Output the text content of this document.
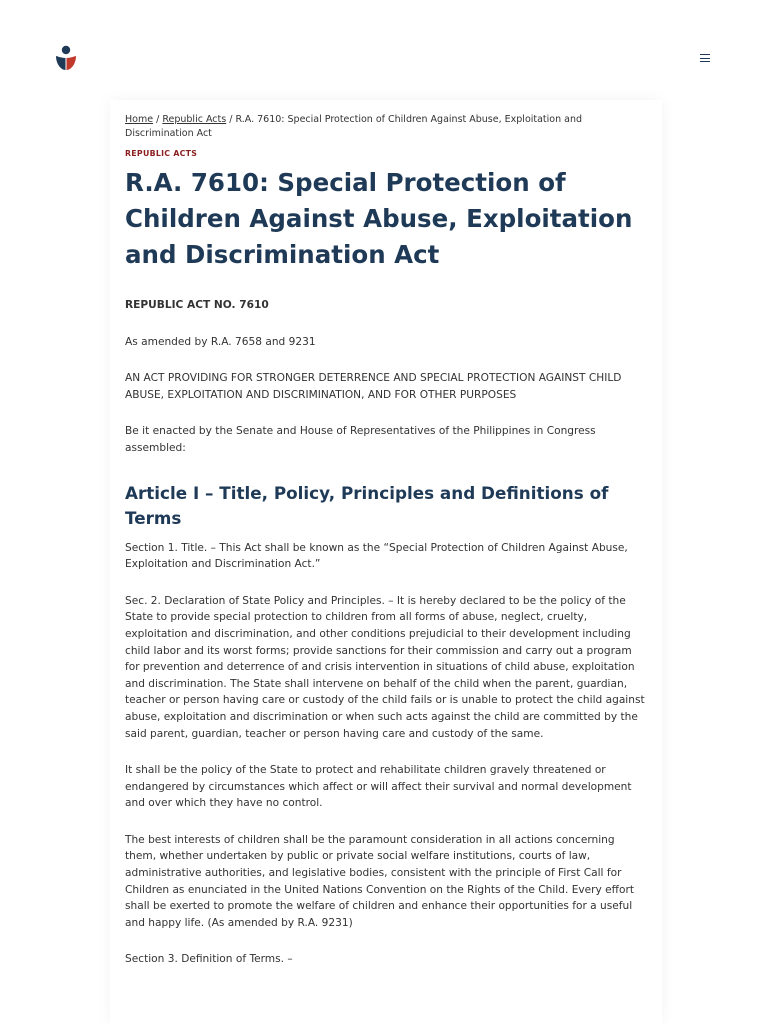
Home / Republic Acts / R.A. 7610: Special Protection of Children Against Abuse, Exploitation and Discrimination Act

REPUBLIC ACTS
R.A. 7610: Special Protection of Children Against Abuse, Exploitation and Discrimination Act

REPUBLIC ACT NO. 7610

As amended by R.A. 7658 and 9231

AN ACT PROVIDING FOR STRONGER DETERRENCE AND SPECIAL PROTECTION AGAINST CHILD ABUSE, EXPLOITATION AND DISCRIMINATION, AND FOR OTHER PURPOSES

Be it enacted by the Senate and House of Representatives of the Philippines in Congress assembled:

Article I – Title, Policy, Principles and Definitions of Terms

Section 1. Title. – This Act shall be known as the “Special Protection of Children Against Abuse, Exploitation and Discrimination Act.”

Sec. 2. Declaration of State Policy and Principles. – It is hereby declared to be the policy of the State to provide special protection to children from all forms of abuse, neglect, cruelty, exploitation and discrimination, and other conditions prejudicial to their development including child labor and its worst forms; provide sanctions for their commission and carry out a program for prevention and deterrence of and crisis intervention in situations of child abuse, exploitation and discrimination. The State shall intervene on behalf of the child when the parent, guardian, teacher or person having care or custody of the child fails or is unable to protect the child against abuse, exploitation and discrimination or when such acts against the child are committed by the said parent, guardian, teacher or person having care and custody of the same.

It shall be the policy of the State to protect and rehabilitate children gravely threatened or endangered by circumstances which affect or will affect their survival and normal development and over which they have no control.

The best interests of children shall be the paramount consideration in all actions concerning them, whether undertaken by public or private social welfare institutions, courts of law, administrative authorities, and legislative bodies, consistent with the principle of First Call for Children as enunciated in the United Nations Convention on the Rights of the Child. Every effort shall be exerted to promote the welfare of children and enhance their opportunities for a useful and happy life. (As amended by R.A. 9231)

Section 3. Definition of Terms. –
